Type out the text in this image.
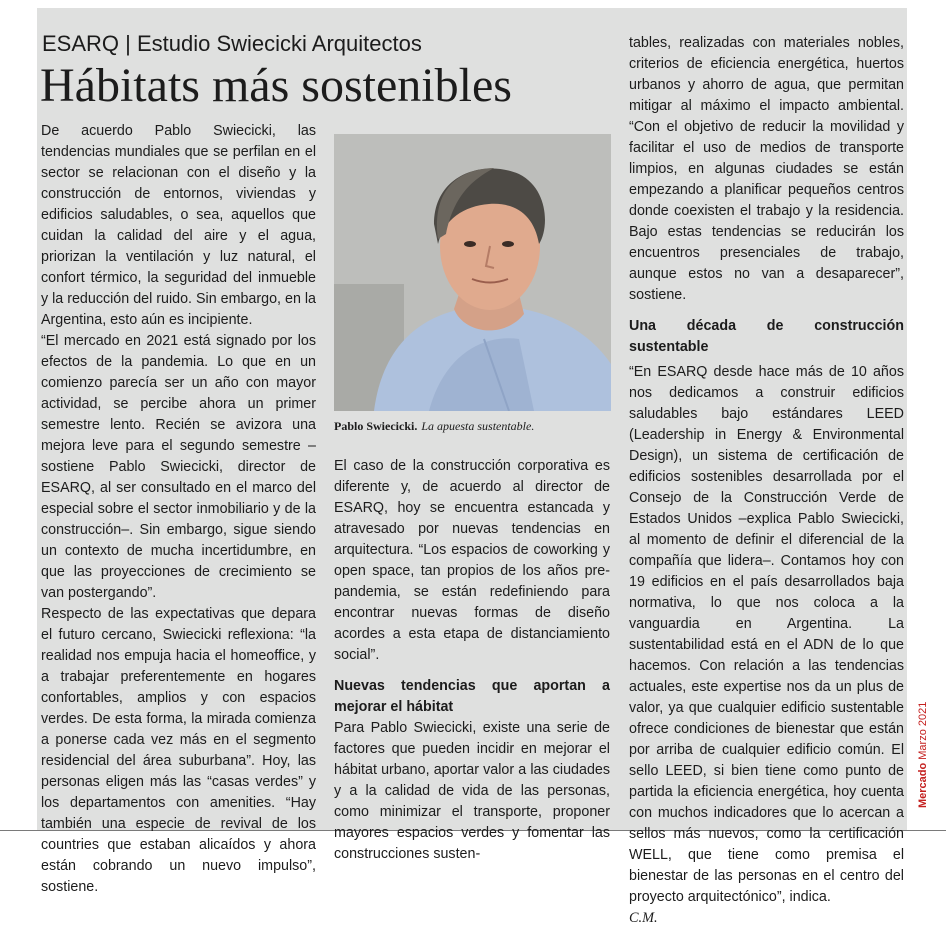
ESARQ | Estudio Swiecicki Arquitectos
Hábitats más sostenibles

De acuerdo Pablo Swiecicki, las tendencias mundiales que se perfilan en el sector se relacionan con el diseño y la construcción de entornos, viviendas y edificios saludables, o sea, aquellos que cuidan la calidad del aire y el agua, priorizan la ventilación y luz natural, el confort térmico, la seguridad del inmueble y la reducción del ruido. Sin embargo, en la Argentina, esto aún es incipiente.

“El mercado en 2021 está signado por los efectos de la pandemia. Lo que en un comienzo parecía ser un año con mayor actividad, se percibe ahora un primer semestre lento. Recién se avizora una mejora leve para el segundo semestre –sostiene Pablo Swiecicki, director de ESARQ, al ser consultado en el marco del especial sobre el sector inmobiliario y de la construcción–. Sin embargo, sigue siendo un contexto de mucha incertidumbre, en que las proyecciones de crecimiento se van postergando”.

Respecto de las expectativas que depara el futuro cercano, Swiecicki reflexiona: “la realidad nos empuja hacia el homeoffice, y a trabajar preferentemente en hogares confortables, amplios y con espacios verdes. De esta forma, la mirada comienza a ponerse cada vez más en el segmento residencial del área suburbana”. Hoy, las personas eligen más las “casas verdes” y los departamentos con amenities. “Hay también una especie de revival de los countries que estaban alicaídos y ahora están cobrando un nuevo impulso”, sostiene.

Pablo Swiecicki. La apuesta sustentable.

El caso de la construcción corporativa es diferente y, de acuerdo al director de ESARQ, hoy se encuentra estancada y atravesado por nuevas tendencias en arquitectura. “Los espacios de coworking y open space, tan propios de los años pre-pandemia, se están redefiniendo para encontrar nuevas formas de diseño acordes a esta etapa de distanciamiento social”.

Nuevas tendencias que aportan a mejorar el hábitat

Para Pablo Swiecicki, existe una serie de factores que pueden incidir en mejorar el hábitat urbano, aportar valor a las ciudades y a la calidad de vida de las personas, como minimizar el transporte, proponer mayores espacios verdes y fomentar las construcciones susten-

tables, realizadas con materiales nobles, criterios de eficiencia energética, huertos urbanos y ahorro de agua, que permitan mitigar al máximo el impacto ambiental. “Con el objetivo de reducir la movilidad y facilitar el uso de medios de transporte limpios, en algunas ciudades se están empezando a planificar pequeños centros donde coexisten el trabajo y la residencia. Bajo estas tendencias se reducirán los encuentros presenciales de trabajo, aunque estos no van a desaparecer”, sostiene.

Una década de construcción sustentable

“En ESARQ desde hace más de 10 años nos dedicamos a construir edificios saludables bajo estándares LEED (Leadership in Energy & Environmental Design), un sistema de certificación de edificios sostenibles desarrollada por el Consejo de la Construcción Verde de Estados Unidos –explica Pablo Swiecicki, al momento de definir el diferencial de la compañía que lidera–. Contamos hoy con 19 edificios en el país desarrollados baja normativa, lo que nos coloca a la vanguardia en Argentina. La sustentabilidad está en el ADN de lo que hacemos. Con relación a las tendencias actuales, este expertise nos da un plus de valor, ya que cualquier edificio sustentable ofrece condiciones de bienestar que están por arriba de cualquier edificio común. El sello LEED, si bien tiene como punto de partida la eficiencia energética, hoy cuenta con muchos indicadores que lo acercan a sellos más nuevos, como la certificación WELL, que tiene como premisa el bienestar de las personas en el centro del proyecto arquitectónico”, indica.

C.M.

MercadoMarzo 2021
